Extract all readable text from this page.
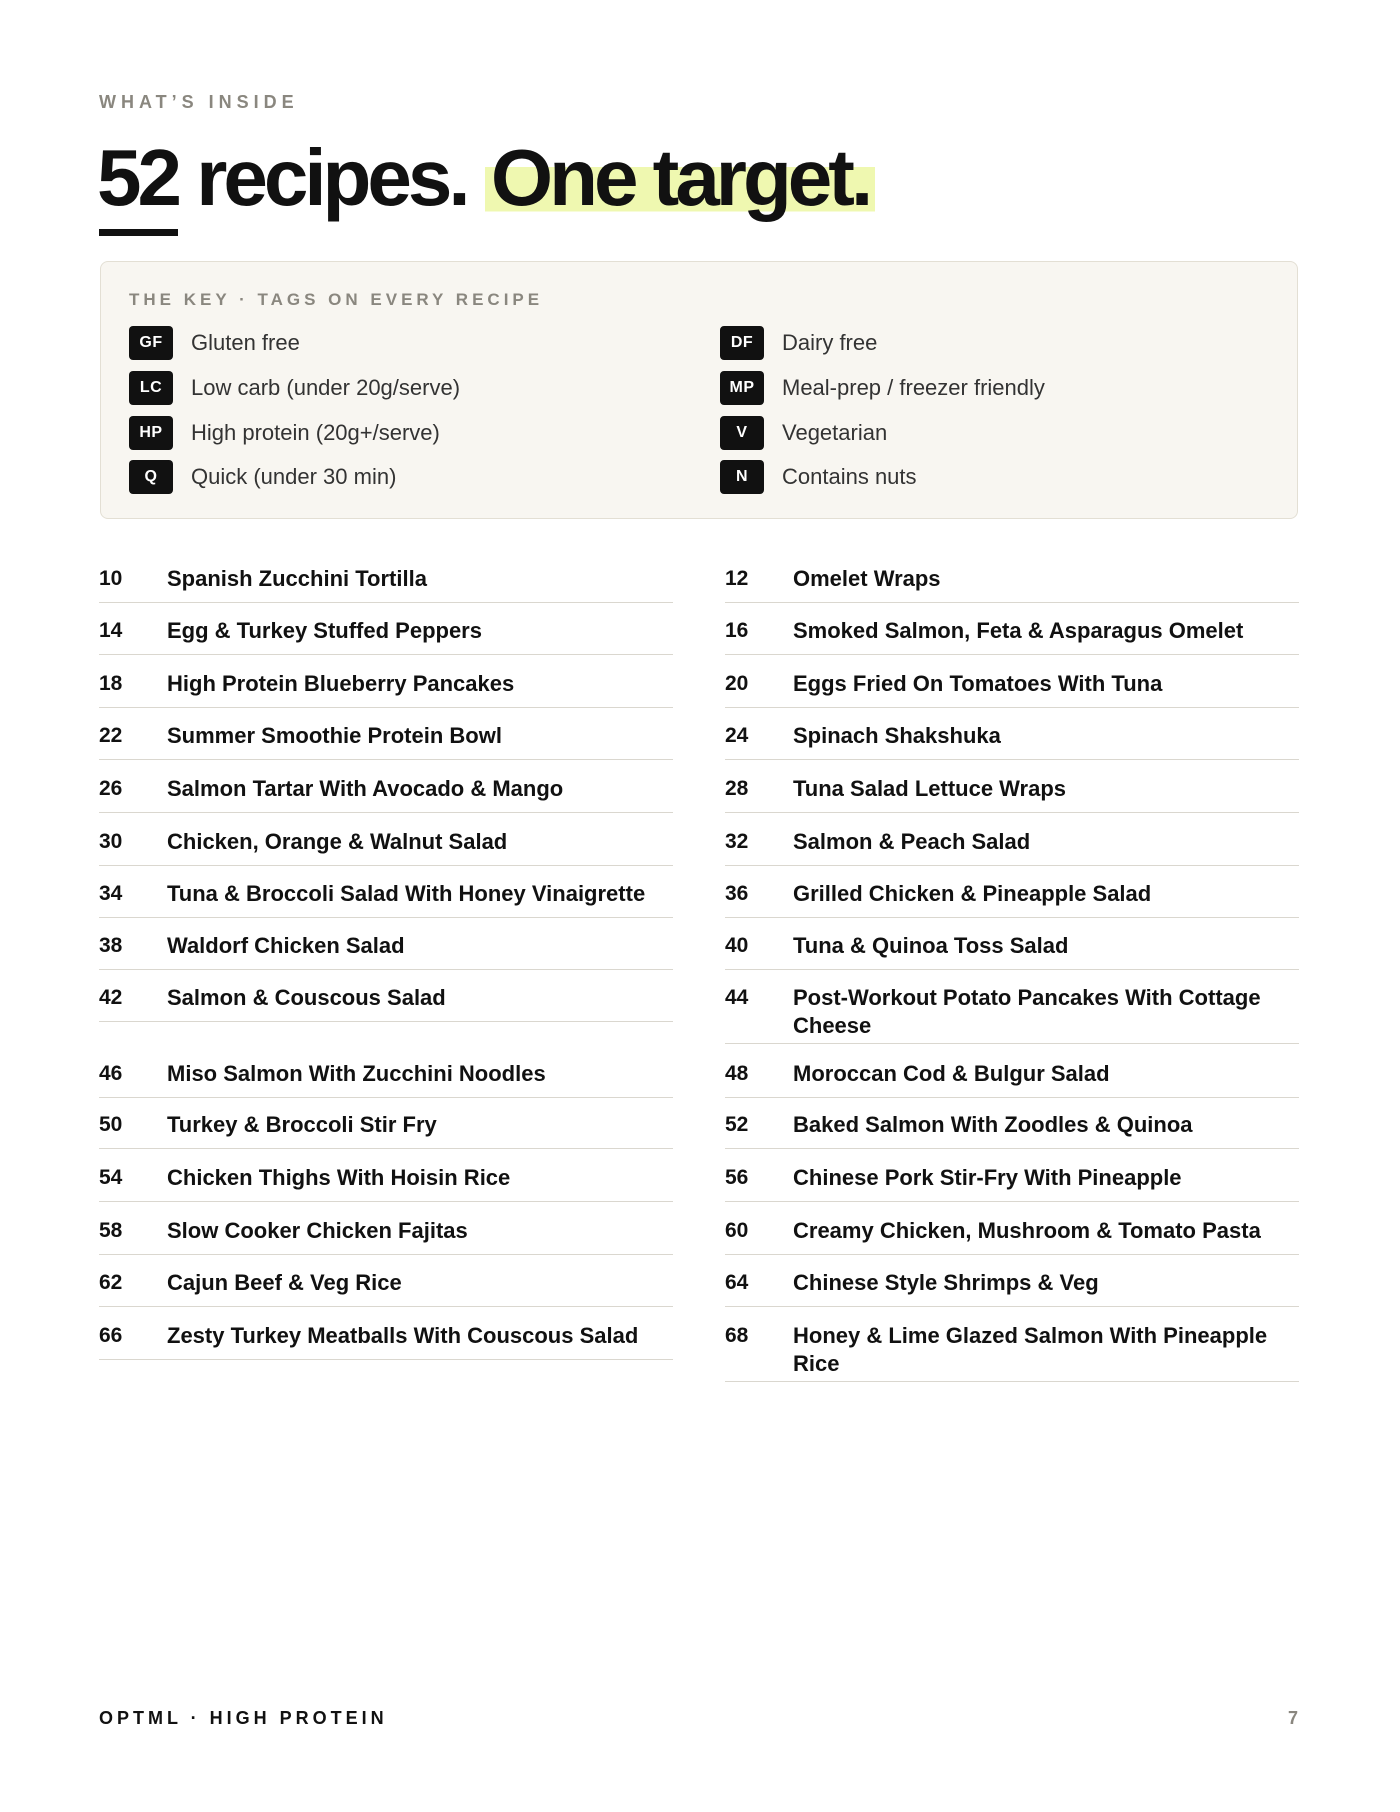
WHAT’S INSIDE
52 recipes. One target.
THE KEY · TAGS ON EVERY RECIPE
GF	Gluten free
LC	Low carb (under 20g/serve)
HP	High protein (20g+/serve)
Q	Quick (under 30 min)
DF	Dairy free
MP	Meal-prep / freezer friendly
V	Vegetarian
N	Contains nuts
10	Spanish Zucchini Tortilla
14	Egg & Turkey Stuffed Peppers
18	High Protein Blueberry Pancakes
22	Summer Smoothie Protein Bowl
26	Salmon Tartar With Avocado & Mango
30	Chicken, Orange & Walnut Salad
34	Tuna & Broccoli Salad With Honey Vinaigrette
38	Waldorf Chicken Salad
42	Salmon & Couscous Salad
46	Miso Salmon With Zucchini Noodles
50	Turkey & Broccoli Stir Fry
54	Chicken Thighs With Hoisin Rice
58	Slow Cooker Chicken Fajitas
62	Cajun Beef & Veg Rice
66	Zesty Turkey Meatballs With Couscous Salad
12	Omelet Wraps
16	Smoked Salmon, Feta & Asparagus Omelet
20	Eggs Fried On Tomatoes With Tuna
24	Spinach Shakshuka
28	Tuna Salad Lettuce Wraps
32	Salmon & Peach Salad
36	Grilled Chicken & Pineapple Salad
40	Tuna & Quinoa Toss Salad
44	Post-Workout Potato Pancakes With Cottage Cheese
48	Moroccan Cod & Bulgur Salad
52	Baked Salmon With Zoodles & Quinoa
56	Chinese Pork Stir-Fry With Pineapple
60	Creamy Chicken, Mushroom & Tomato Pasta
64	Chinese Style Shrimps & Veg
68	Honey & Lime Glazed Salmon With Pineapple Rice
OPTML · HIGH PROTEIN	7
